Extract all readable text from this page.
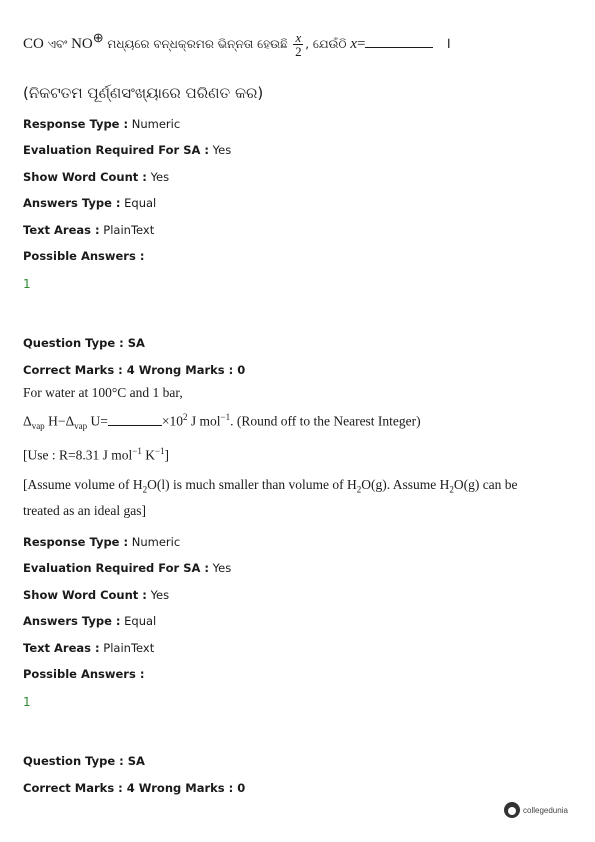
CO ଏବଂ NO⊕ ମଧ୍ୟରେ ବନ୍ଧକ୍ରମର ଭିନ୍ନତା ହେଉଛି $\frac{x}{2}$ , ଯେଉଁଠି x=	।
(ନିକଟତମ ପୂର୍ଣ୍ଣସଂଖ୍ୟାରେ ପରିଣତ କର)
Response Type : Numeric
Evaluation Required For SA : Yes
Show Word Count : Yes
Answers Type : Equal
Text Areas : PlainText
Possible Answers :
1
Question Type : SA
Correct Marks : 4 Wrong Marks : 0
For water at 100°C and 1 bar,
$\Delta_{vap}$ $H-\Delta_{vap}$ U=	$\times 10^2$ J mol$^{-1}$. (Round off to the Nearest Integer)
[Use : R=8.31 J mol$^{-1}$ $K^{-1}$]
[Assume volume of $H_2O(l)$ is much smaller than volume of $H_2O(g)$. Assume $H_2O(g)$ can be
treated as an ideal gas]
Response Type : Numeric
Evaluation Required For SA : Yes
Show Word Count : Yes
Answers Type : Equal
Text Areas : PlainText
Possible Answers :
1
Question Type : SA
Correct Marks : 4 Wrong Marks : 0
collegedunia
